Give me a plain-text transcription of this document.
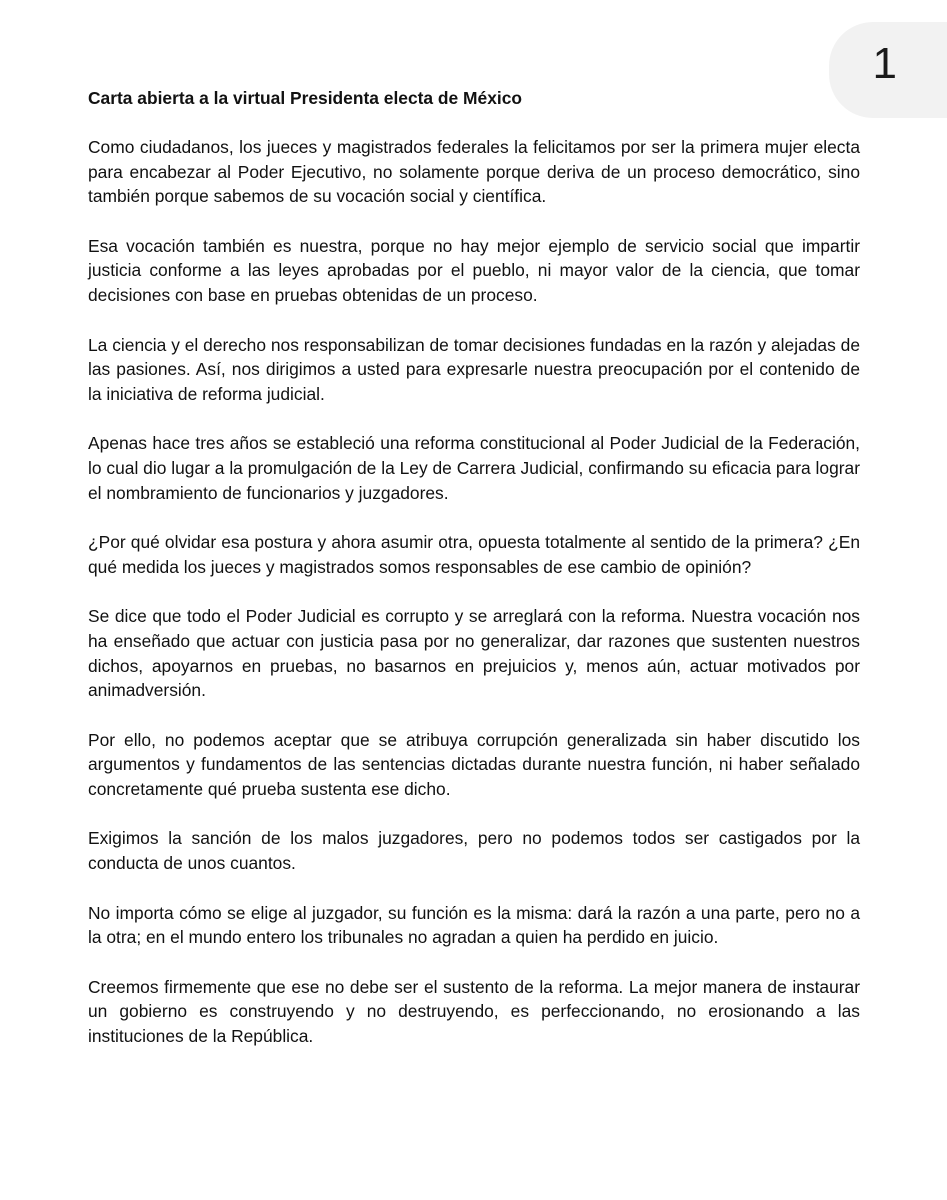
1

Carta abierta a la virtual Presidenta electa de México

Como ciudadanos, los jueces y magistrados federales la felicitamos por ser la primera mujer electa para encabezar al Poder Ejecutivo, no solamente porque deriva de un proceso democrático, sino también porque sabemos de su vocación social y científica.

Esa vocación también es nuestra, porque no hay mejor ejemplo de servicio social que impartir justicia conforme a las leyes aprobadas por el pueblo, ni mayor valor de la ciencia, que tomar decisiones con base en pruebas obtenidas de un proceso.

La ciencia y el derecho nos responsabilizan de tomar decisiones fundadas en la razón y alejadas de las pasiones. Así, nos dirigimos a usted para expresarle nuestra preocupación por el contenido de la iniciativa de reforma judicial.

Apenas hace tres años se estableció una reforma constitucional al Poder Judicial de la Federación, lo cual dio lugar a la promulgación de la Ley de Carrera Judicial, confirmando su eficacia para lograr el nombramiento de funcionarios y juzgadores.

¿Por qué olvidar esa postura y ahora asumir otra, opuesta totalmente al sentido de la primera? ¿En qué medida los jueces y magistrados somos responsables de ese cambio de opinión?

Se dice que todo el Poder Judicial es corrupto y se arreglará con la reforma. Nuestra vocación nos ha enseñado que actuar con justicia pasa por no generalizar, dar razones que sustenten nuestros dichos, apoyarnos en pruebas, no basarnos en prejuicios y, menos aún, actuar motivados por animadversión.

Por ello, no podemos aceptar que se atribuya corrupción generalizada sin haber discutido los argumentos y fundamentos de las sentencias dictadas durante nuestra función, ni haber señalado concretamente qué prueba sustenta ese dicho.

Exigimos la sanción de los malos juzgadores, pero no podemos todos ser castigados por la conducta de unos cuantos.

No importa cómo se elige al juzgador, su función es la misma: dará la razón a una parte, pero no a la otra; en el mundo entero los tribunales no agradan a quien ha perdido en juicio.

Creemos firmemente que ese no debe ser el sustento de la reforma. La mejor manera de instaurar un gobierno es construyendo y no destruyendo, es perfeccionando, no erosionando a las instituciones de la República.
